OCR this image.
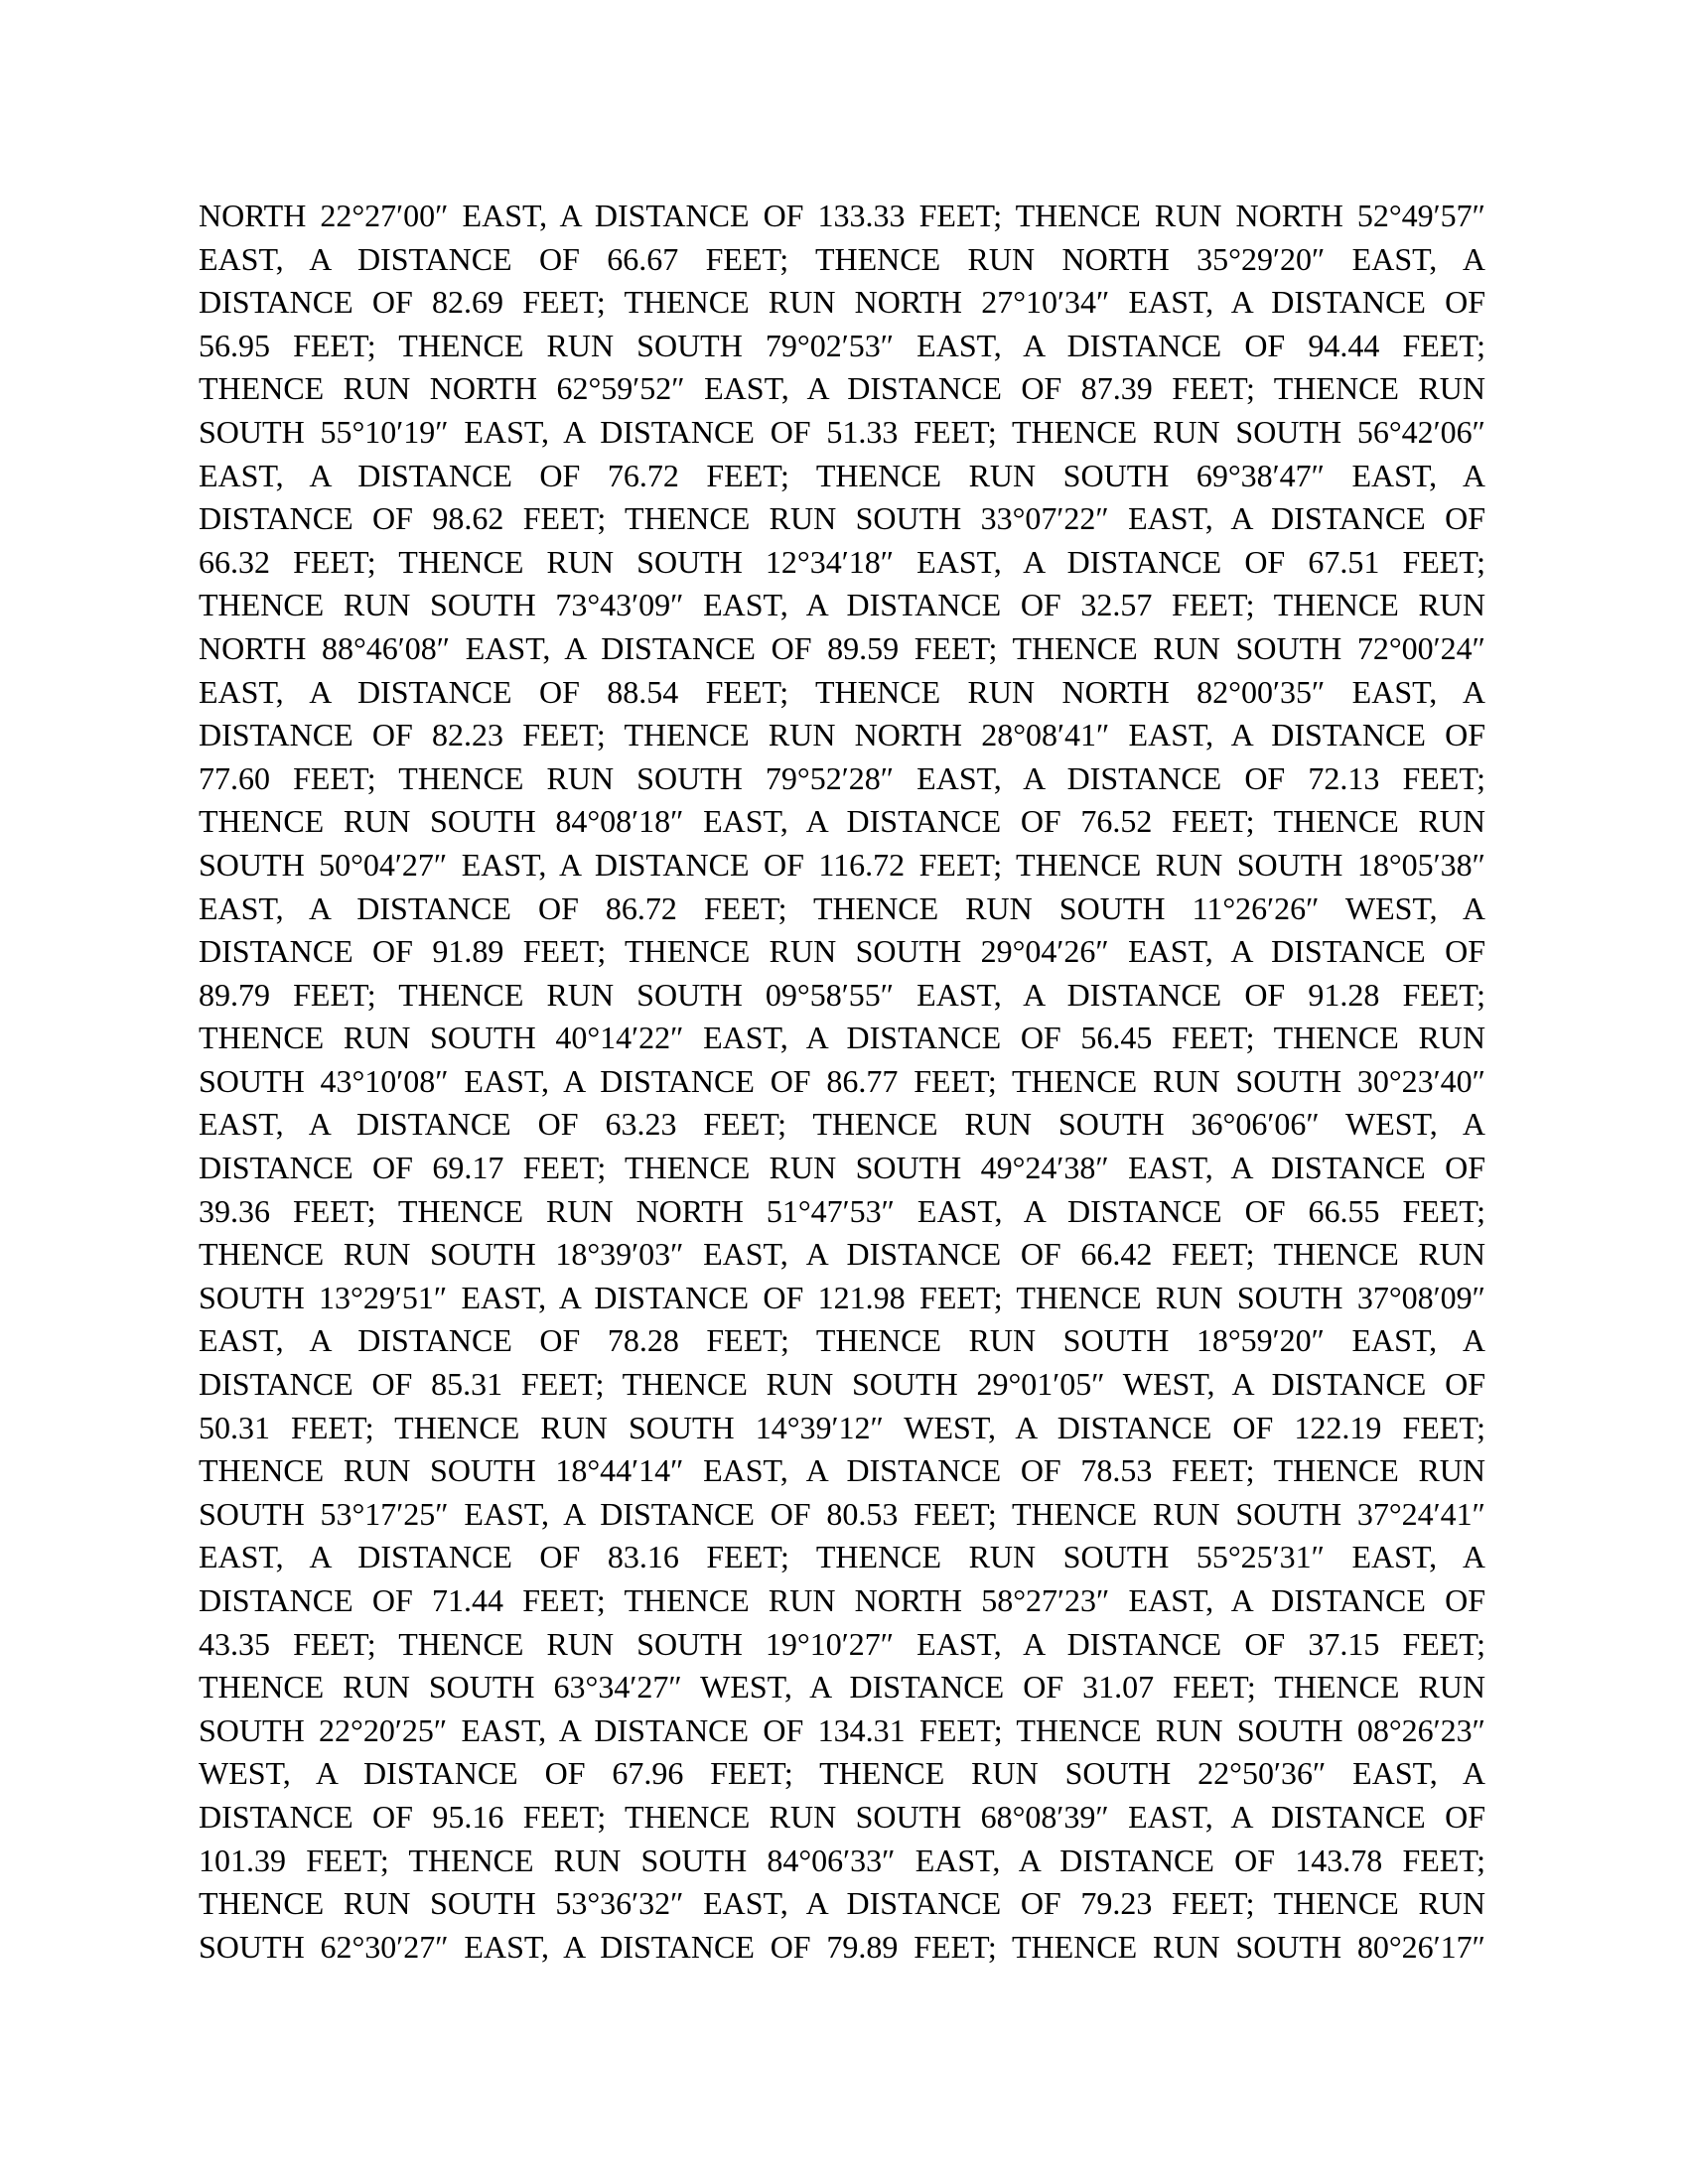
NORTH 22°27′00″ EAST, A DISTANCE OF 133.33 FEET; THENCE RUN NORTH 52°49′57″
EAST, A DISTANCE OF 66.67 FEET; THENCE RUN NORTH 35°29′20″ EAST, A
DISTANCE OF 82.69 FEET; THENCE RUN NORTH 27°10′34″ EAST, A DISTANCE OF
56.95 FEET; THENCE RUN SOUTH 79°02′53″ EAST, A DISTANCE OF 94.44 FEET;
THENCE RUN NORTH 62°59′52″ EAST, A DISTANCE OF 87.39 FEET; THENCE RUN
SOUTH 55°10′19″ EAST, A DISTANCE OF 51.33 FEET; THENCE RUN SOUTH 56°42′06″
EAST, A DISTANCE OF 76.72 FEET; THENCE RUN SOUTH 69°38′47″ EAST, A
DISTANCE OF 98.62 FEET; THENCE RUN SOUTH 33°07′22″ EAST, A DISTANCE OF
66.32 FEET; THENCE RUN SOUTH 12°34′18″ EAST, A DISTANCE OF 67.51 FEET;
THENCE RUN SOUTH 73°43′09″ EAST, A DISTANCE OF 32.57 FEET; THENCE RUN
NORTH 88°46′08″ EAST, A DISTANCE OF 89.59 FEET; THENCE RUN SOUTH 72°00′24″
EAST, A DISTANCE OF 88.54 FEET; THENCE RUN NORTH 82°00′35″ EAST, A
DISTANCE OF 82.23 FEET; THENCE RUN NORTH 28°08′41″ EAST, A DISTANCE OF
77.60 FEET; THENCE RUN SOUTH 79°52′28″ EAST, A DISTANCE OF 72.13 FEET;
THENCE RUN SOUTH 84°08′18″ EAST, A DISTANCE OF 76.52 FEET; THENCE RUN
SOUTH 50°04′27″ EAST, A DISTANCE OF 116.72 FEET; THENCE RUN SOUTH 18°05′38″
EAST, A DISTANCE OF 86.72 FEET; THENCE RUN SOUTH 11°26′26″ WEST, A
DISTANCE OF 91.89 FEET; THENCE RUN SOUTH 29°04′26″ EAST, A DISTANCE OF
89.79 FEET; THENCE RUN SOUTH 09°58′55″ EAST, A DISTANCE OF 91.28 FEET;
THENCE RUN SOUTH 40°14′22″ EAST, A DISTANCE OF 56.45 FEET; THENCE RUN
SOUTH 43°10′08″ EAST, A DISTANCE OF 86.77 FEET; THENCE RUN SOUTH 30°23′40″
EAST, A DISTANCE OF 63.23 FEET; THENCE RUN SOUTH 36°06′06″ WEST, A
DISTANCE OF 69.17 FEET; THENCE RUN SOUTH 49°24′38″ EAST, A DISTANCE OF
39.36 FEET; THENCE RUN NORTH 51°47′53″ EAST, A DISTANCE OF 66.55 FEET;
THENCE RUN SOUTH 18°39′03″ EAST, A DISTANCE OF 66.42 FEET; THENCE RUN
SOUTH 13°29′51″ EAST, A DISTANCE OF 121.98 FEET; THENCE RUN SOUTH 37°08′09″
EAST, A DISTANCE OF 78.28 FEET; THENCE RUN SOUTH 18°59′20″ EAST, A
DISTANCE OF 85.31 FEET; THENCE RUN SOUTH 29°01′05″ WEST, A DISTANCE OF
50.31 FEET; THENCE RUN SOUTH 14°39′12″ WEST, A DISTANCE OF 122.19 FEET;
THENCE RUN SOUTH 18°44′14″ EAST, A DISTANCE OF 78.53 FEET; THENCE RUN
SOUTH 53°17′25″ EAST, A DISTANCE OF 80.53 FEET; THENCE RUN SOUTH 37°24′41″
EAST, A DISTANCE OF 83.16 FEET; THENCE RUN SOUTH 55°25′31″ EAST, A
DISTANCE OF 71.44 FEET; THENCE RUN NORTH 58°27′23″ EAST, A DISTANCE OF
43.35 FEET; THENCE RUN SOUTH 19°10′27″ EAST, A DISTANCE OF 37.15 FEET;
THENCE RUN SOUTH 63°34′27″ WEST, A DISTANCE OF 31.07 FEET; THENCE RUN
SOUTH 22°20′25″ EAST, A DISTANCE OF 134.31 FEET; THENCE RUN SOUTH 08°26′23″
WEST, A DISTANCE OF 67.96 FEET; THENCE RUN SOUTH 22°50′36″ EAST, A
DISTANCE OF 95.16 FEET; THENCE RUN SOUTH 68°08′39″ EAST, A DISTANCE OF
101.39 FEET; THENCE RUN SOUTH 84°06′33″ EAST, A DISTANCE OF 143.78 FEET;
THENCE RUN SOUTH 53°36′32″ EAST, A DISTANCE OF 79.23 FEET; THENCE RUN
SOUTH 62°30′27″ EAST, A DISTANCE OF 79.89 FEET; THENCE RUN SOUTH 80°26′17″
